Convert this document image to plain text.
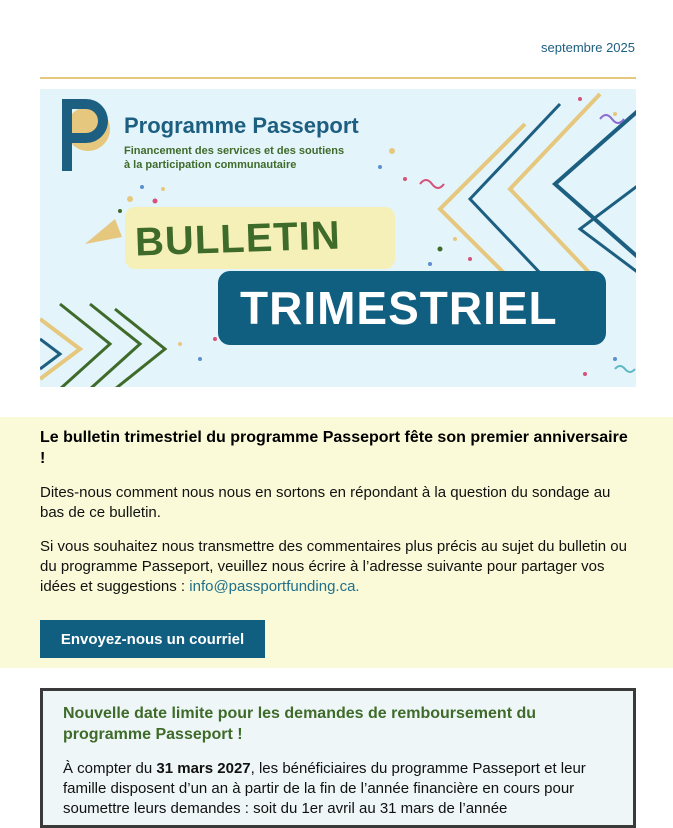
septembre 2025
Programme Passeport
Financement des services et des soutiens
à la participation communautaire
BULLETIN
TRIMESTRIEL
Le bulletin trimestriel du programme Passeport fête son premier anniversaire !

Dites-nous comment nous nous en sortons en répondant à la question du sondage au bas de ce bulletin.

Si vous souhaitez nous transmettre des commentaires plus précis au sujet du bulletin ou du programme Passeport, veuillez nous écrire à l’adresse suivante pour partager vos idées et suggestions : info@passportfunding.ca.

Envoyez-nous un courriel
Nouvelle date limite pour les demandes de remboursement du programme Passeport !

À compter du 31 mars 2027, les bénéficiaires du programme Passeport et leur famille disposent d’un an à partir de la fin de l’année financière en cours pour soumettre leurs demandes : soit du 1er avril au 31 mars de l’année
